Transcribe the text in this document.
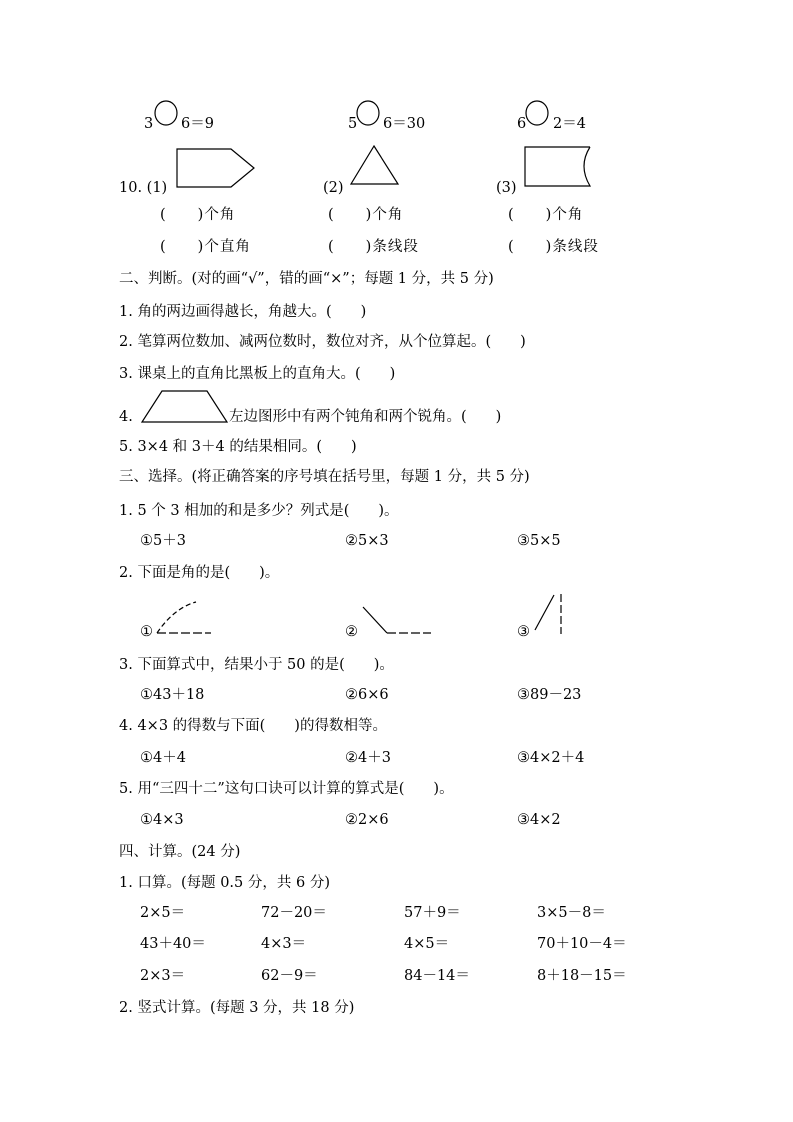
3 6＝9	5 6＝30	6 2＝4
10. (1)	(2)	(3)
(　　)个角	(　　)个角	(　　)个角
(　　)个直角	(　　)条线段	(　　)条线段
二、判断。(对的画“√”，错的画“×”；每题 1 分，共 5 分)
1. 角的两边画得越长，角越大。(　　)
2. 笔算两位数加、减两位数时，数位对齐，从个位算起。(　　)
3. 课桌上的直角比黑板上的直角大。(　　)
4.	左边图形中有两个钝角和两个锐角。(　　)
5. 3×4 和 3＋4 的结果相同。(　　)
三、选择。(将正确答案的序号填在括号里，每题 1 分，共 5 分)
1. 5 个 3 相加的和是多少？列式是(　　)。
①5＋3	②5×3	③5×5
2. 下面是角的是(　　)。
①	②	③
3. 下面算式中，结果小于 50 的是(　　)。
①43＋18	②6×6	③89－23
4. 4×3 的得数与下面(　　)的得数相等。
①4＋4	②4＋3	③4×2＋4
5. 用“三四十二”这句口诀可以计算的算式是(　　)。
①4×3	②2×6	③4×2
四、计算。(24 分)
1. 口算。(每题 0.5 分，共 6 分)
2×5＝	72－20＝	57＋9＝	3×5－8＝
43＋40＝	4×3＝	4×5＝	70＋10－4＝
2×3＝	62－9＝	84－14＝	8＋18－15＝
2. 竖式计算。(每题 3 分，共 18 分)
